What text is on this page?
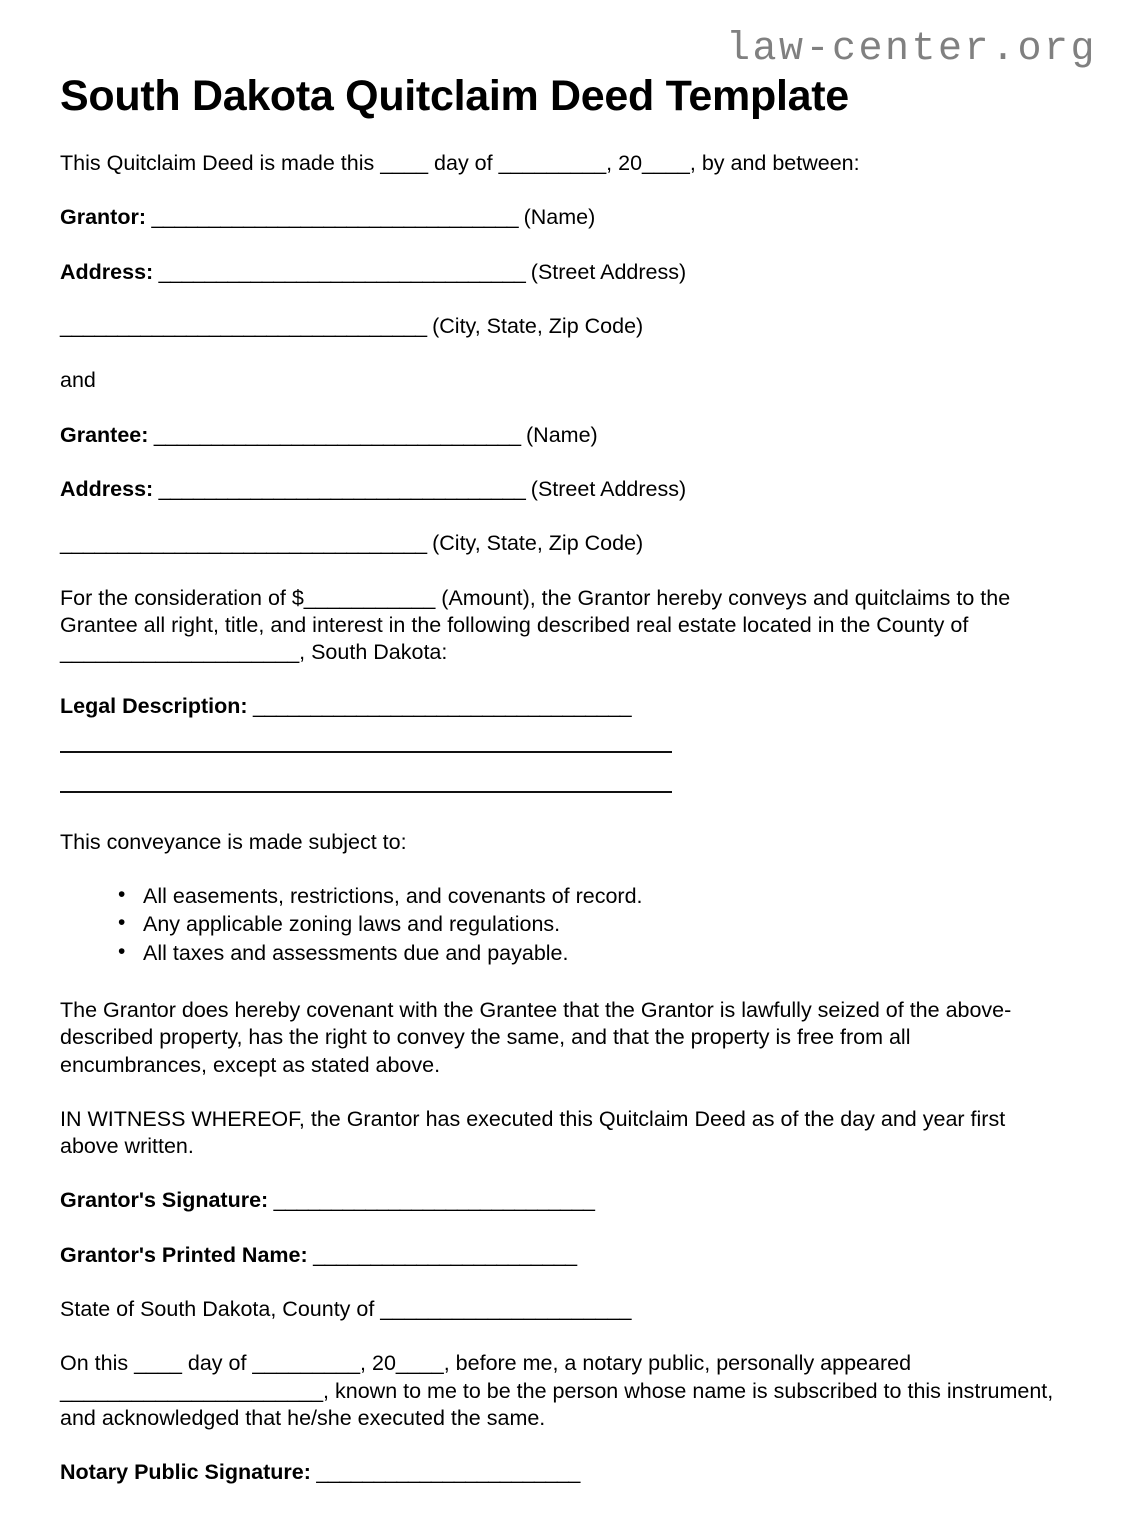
law-center.org
South Dakota Quitclaim Deed Template

This Quitclaim Deed is made this ____ day of _________, 20____, by and between:

Grantor: ________________________________ (Name)

Address: ________________________________ (Street Address)

________________________________ (City, State, Zip Code)

and

Grantee: ________________________________ (Name)

Address: ________________________________ (Street Address)

________________________________ (City, State, Zip Code)

For the consideration of $___________ (Amount), the Grantor hereby conveys and quitclaims to the Grantee all right, title, and interest in the following described real estate located in the County of ____________________, South Dakota:

Legal Description: _________________________________

This conveyance is made subject to:

• All easements, restrictions, and covenants of record.
• Any applicable zoning laws and regulations.
• All taxes and assessments due and payable.

The Grantor does hereby covenant with the Grantee that the Grantor is lawfully seized of the above-described property, has the right to convey the same, and that the property is free from all encumbrances, except as stated above.

IN WITNESS WHEREOF, the Grantor has executed this Quitclaim Deed as of the day and year first above written.

Grantor's Signature: ____________________________

Grantor's Printed Name: _______________________

State of South Dakota, County of _____________________

On this ____ day of _________, 20____, before me, a notary public, personally appeared ______________________, known to me to be the person whose name is subscribed to this instrument, and acknowledged that he/she executed the same.

Notary Public Signature: _______________________
